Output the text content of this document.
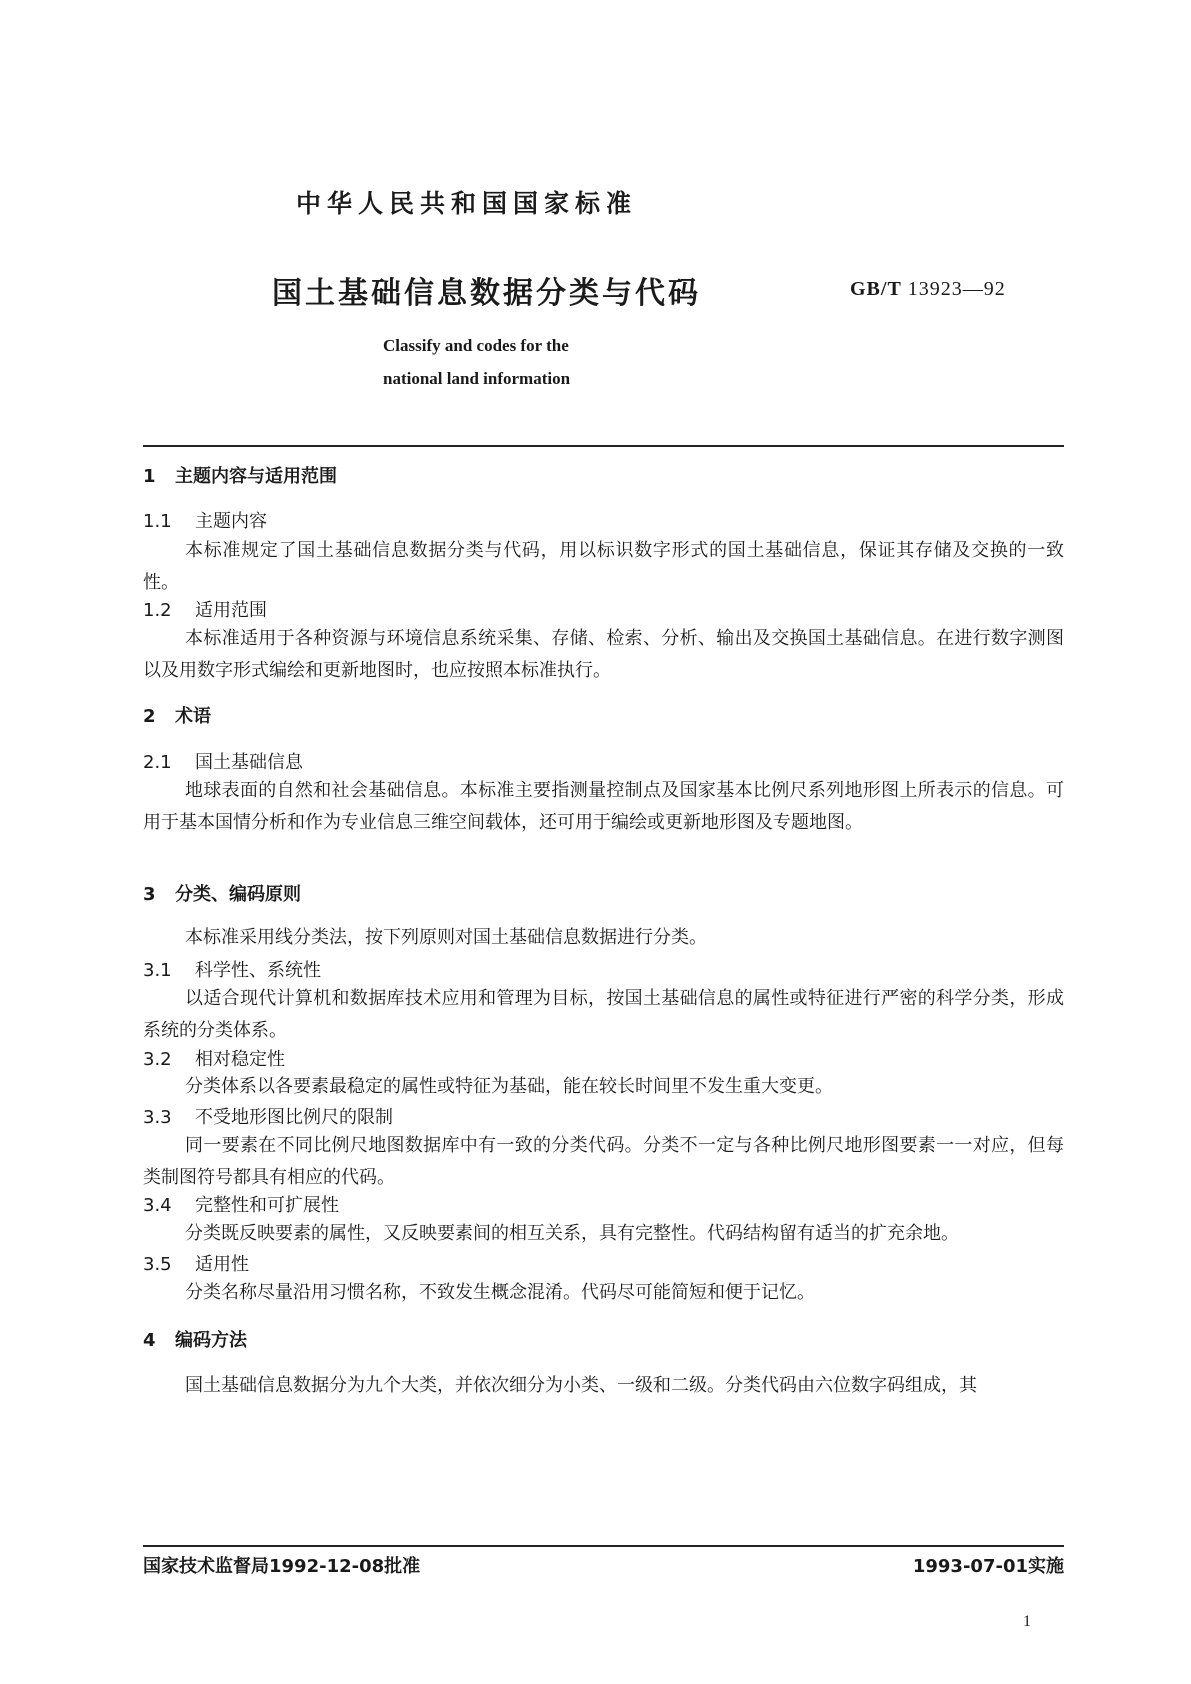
中华人民共和国国家标准
国土基础信息数据分类与代码	GB/T 13923—92
Classify and codes for the
national land information
1 主题内容与适用范围
1.1 主题内容
本标准规定了国土基础信息数据分类与代码，用以标识数字形式的国土基础信息，保证其存储及交换的一致性。
1.2 适用范围
本标准适用于各种资源与环境信息系统采集、存储、检索、分析、输出及交换国土基础信息。在进行数字测图以及用数字形式编绘和更新地图时，也应按照本标准执行。
2 术语
2.1 国土基础信息
地球表面的自然和社会基础信息。本标准主要指测量控制点及国家基本比例尺系列地形图上所表示的信息。可用于基本国情分析和作为专业信息三维空间载体，还可用于编绘或更新地形图及专题地图。
3 分类、编码原则
本标准采用线分类法，按下列原则对国土基础信息数据进行分类。
3.1 科学性、系统性
以适合现代计算机和数据库技术应用和管理为目标，按国土基础信息的属性或特征进行严密的科学分类，形成系统的分类体系。
3.2 相对稳定性
分类体系以各要素最稳定的属性或特征为基础，能在较长时间里不发生重大变更。
3.3 不受地形图比例尺的限制
同一要素在不同比例尺地图数据库中有一致的分类代码。分类不一定与各种比例尺地形图要素一一对应，但每类制图符号都具有相应的代码。
3.4 完整性和可扩展性
分类既反映要素的属性，又反映要素间的相互关系，具有完整性。代码结构留有适当的扩充余地。
3.5 适用性
分类名称尽量沿用习惯名称，不致发生概念混淆。代码尽可能简短和便于记忆。
4 编码方法
国土基础信息数据分为九个大类，并依次细分为小类、一级和二级。分类代码由六位数字码组成，其
国家技术监督局1992-12-08批准	1993-07-01实施
1
